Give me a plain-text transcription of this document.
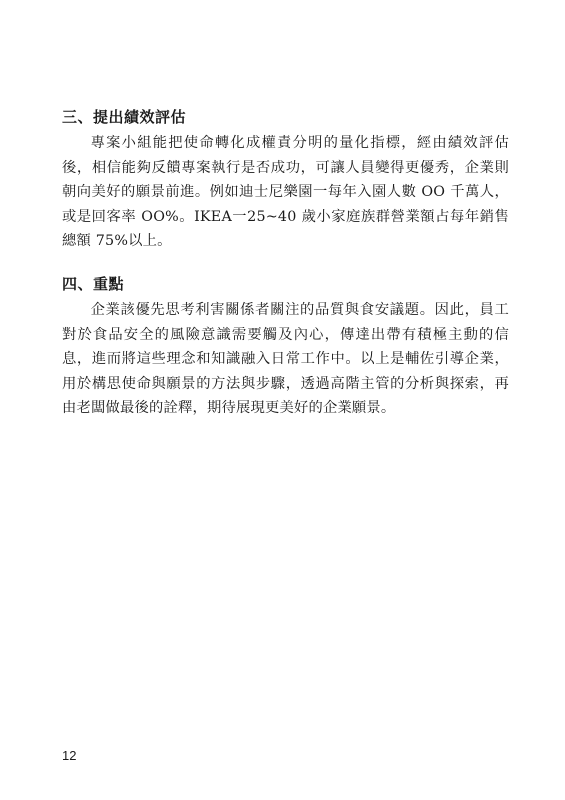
三、提出績效評估

專案小組能把使命轉化成權責分明的量化指標，經由績效評估後，相信能夠反饋專案執行是否成功，可讓人員變得更優秀，企業則朝向美好的願景前進。例如迪士尼樂園一每年入園人數 OO 千萬人，或是回客率 OO%。IKEA一25~40 歲小家庭族群營業額占每年銷售總額 75%以上。

四、重點

企業該優先思考利害關係者關注的品質與食安議題。因此，員工對於食品安全的風險意識需要觸及內心，傳達出帶有積極主動的信息，進而將這些理念和知識融入日常工作中。以上是輔佐引導企業，用於構思使命與願景的方法與步驟，透過高階主管的分析與探索，再由老闆做最後的詮釋，期待展現更美好的企業願景。

12
